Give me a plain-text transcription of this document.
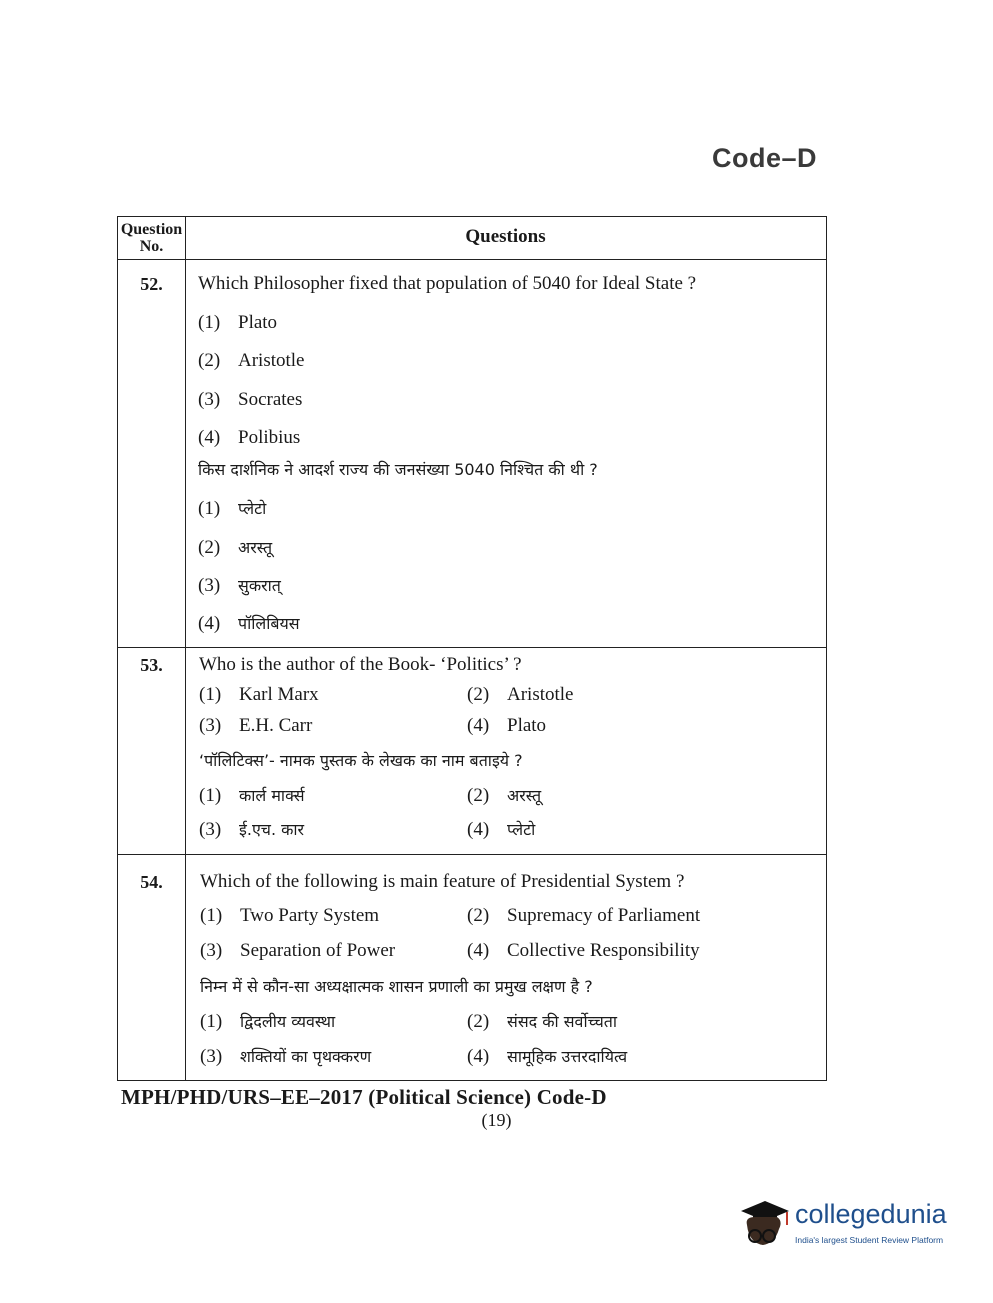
Code–D
Question
No.	Questions
52.	Which Philosopher fixed that population of 5040 for Ideal State ?
(1) Plato
(2) Aristotle
(3) Socrates
(4) Polibius
किस दार्शनिक ने आदर्श राज्य की जनसंख्या 5040 निश्चित की थी ?
(1) प्लेटो
(2) अरस्तू
(3) सुकरात्
(4) पॉलिबियस
53.	Who is the author of the Book- ‘Politics’ ?
(1) Karl Marx	(2) Aristotle
(3) E.H. Carr	(4) Plato
‘पॉलिटिक्स’- नामक पुस्तक के लेखक का नाम बताइये ?
(1) कार्ल मार्क्स	(2) अरस्तू
(3) ई.एच. कार	(4) प्लेटो
54.	Which of the following is main feature of Presidential System ?
(1) Two Party System	(2) Supremacy of Parliament
(3) Separation of Power	(4) Collective Responsibility
निम्न में से कौन-सा अध्यक्षात्मक शासन प्रणाली का प्रमुख लक्षण है ?
(1) द्विदलीय व्यवस्था	(2) संसद की सर्वोच्चता
(3) शक्तियों का पृथक्करण	(4) सामूहिक उत्तरदायित्व
MPH/PHD/URS–EE–2017 (Political Science) Code-D
(19)
collegedunia
India's largest Student Review Platform
